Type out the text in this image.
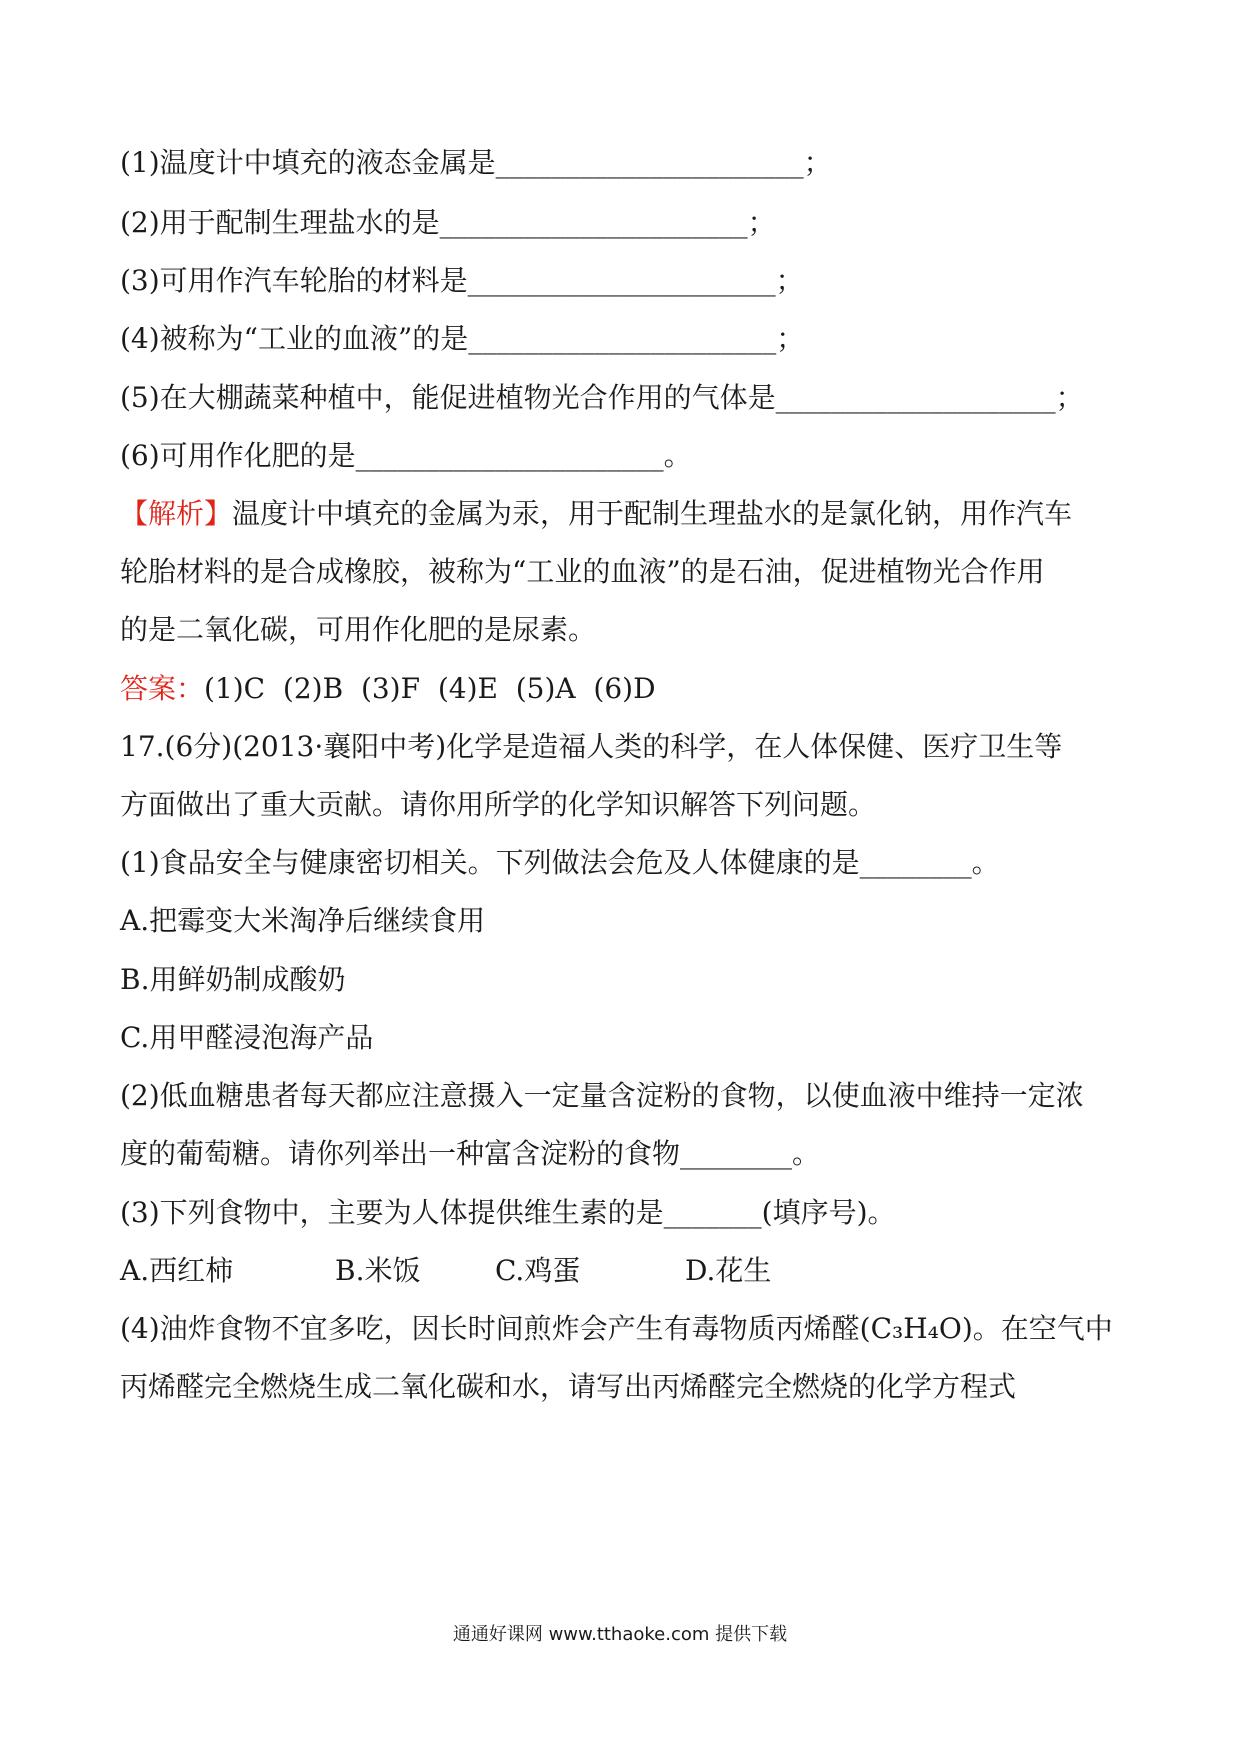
(1)温度计中填充的液态金属是______________________；
(2)用于配制生理盐水的是______________________；
(3)可用作汽车轮胎的材料是______________________；
(4)被称为“工业的血液”的是______________________；
(5)在大棚蔬菜种植中，能促进植物光合作用的气体是____________________；
(6)可用作化肥的是______________________。
【解析】温度计中填充的金属为汞，用于配制生理盐水的是氯化钠，用作汽车
轮胎材料的是合成橡胶，被称为“工业的血液”的是石油，促进植物光合作用
的是二氧化碳，可用作化肥的是尿素。
答案：(1)C  (2)B  (3)F  (4)E  (5)A  (6)D
17.(6分)(2013·襄阳中考)化学是造福人类的科学，在人体保健、医疗卫生等
方面做出了重大贡献。请你用所学的化学知识解答下列问题。
(1)食品安全与健康密切相关。下列做法会危及人体健康的是________。
A.把霉变大米淘净后继续食用
B.用鲜奶制成酸奶
C.用甲醛浸泡海产品
(2)低血糖患者每天都应注意摄入一定量含淀粉的食物，以使血液中维持一定浓
度的葡萄糖。请你列举出一种富含淀粉的食物________。
(3)下列食物中，主要为人体提供维生素的是_______(填序号)。
A.西红柿	B.米饭	C.鸡蛋	D.花生
(4)油炸食物不宜多吃，因长时间煎炸会产生有毒物质丙烯醛(C₃H₄O)。在空气中
丙烯醛完全燃烧生成二氧化碳和水，请写出丙烯醛完全燃烧的化学方程式
通通好课网 www.tthaoke.com 提供下载
